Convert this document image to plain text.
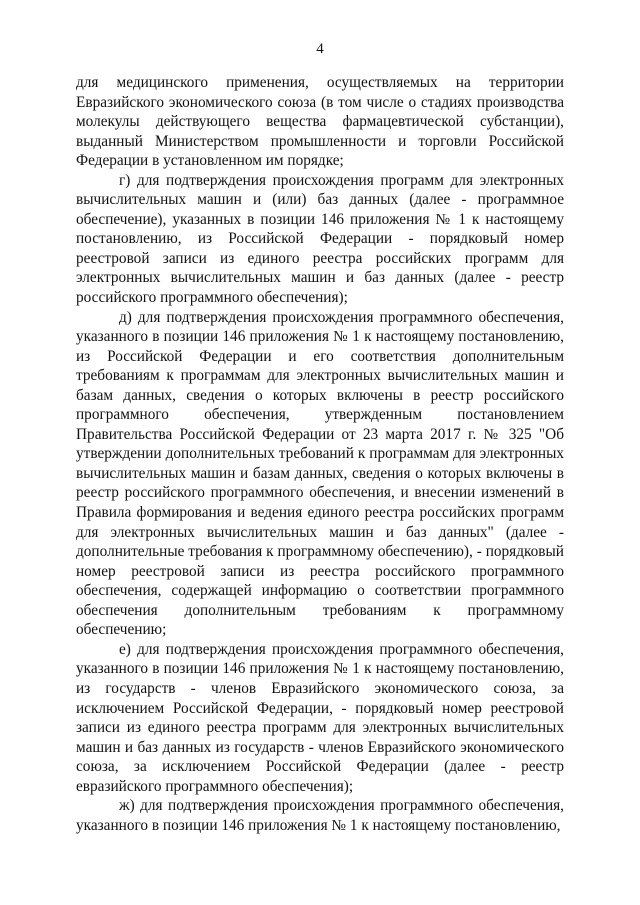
4

для медицинского применения, осуществляемых на территории Евразийского экономического союза (в том числе о стадиях производства молекулы действующего вещества фармацевтической субстанции), выданный Министерством промышленности и торговли Российской Федерации в установленном им порядке;

г) для подтверждения происхождения программ для электронных вычислительных машин и (или) баз данных (далее - программное обеспечение), указанных в позиции 146 приложения № 1 к настоящему постановлению, из Российской Федерации - порядковый номер реестровой записи из единого реестра российских программ для электронных вычислительных машин и баз данных (далее - реестр российского программного обеспечения);

д) для подтверждения происхождения программного обеспечения, указанного в позиции 146 приложения № 1 к настоящему постановлению, из Российской Федерации и его соответствия дополнительным требованиям к программам для электронных вычислительных машин и базам данных, сведения о которых включены в реестр российского программного обеспечения, утвержденным постановлением Правительства Российской Федерации от 23 марта 2017 г. № 325 "Об утверждении дополнительных требований к программам для электронных вычислительных машин и базам данных, сведения о которых включены в реестр российского программного обеспечения, и внесении изменений в Правила формирования и ведения единого реестра российских программ для электронных вычислительных машин и баз данных" (далее - дополнительные требования к программному обеспечению), - порядковый номер реестровой записи из реестра российского программного обеспечения, содержащей информацию о соответствии программного обеспечения дополнительным требованиям к программному обеспечению;

е) для подтверждения происхождения программного обеспечения, указанного в позиции 146 приложения № 1 к настоящему постановлению, из государств - членов Евразийского экономического союза, за исключением Российской Федерации, - порядковый номер реестровой записи из единого реестра программ для электронных вычислительных машин и баз данных из государств - членов Евразийского экономического союза, за исключением Российской Федерации (далее - реестр евразийского программного обеспечения);

ж) для подтверждения происхождения программного обеспечения, указанного в позиции 146 приложения № 1 к настоящему постановлению,
